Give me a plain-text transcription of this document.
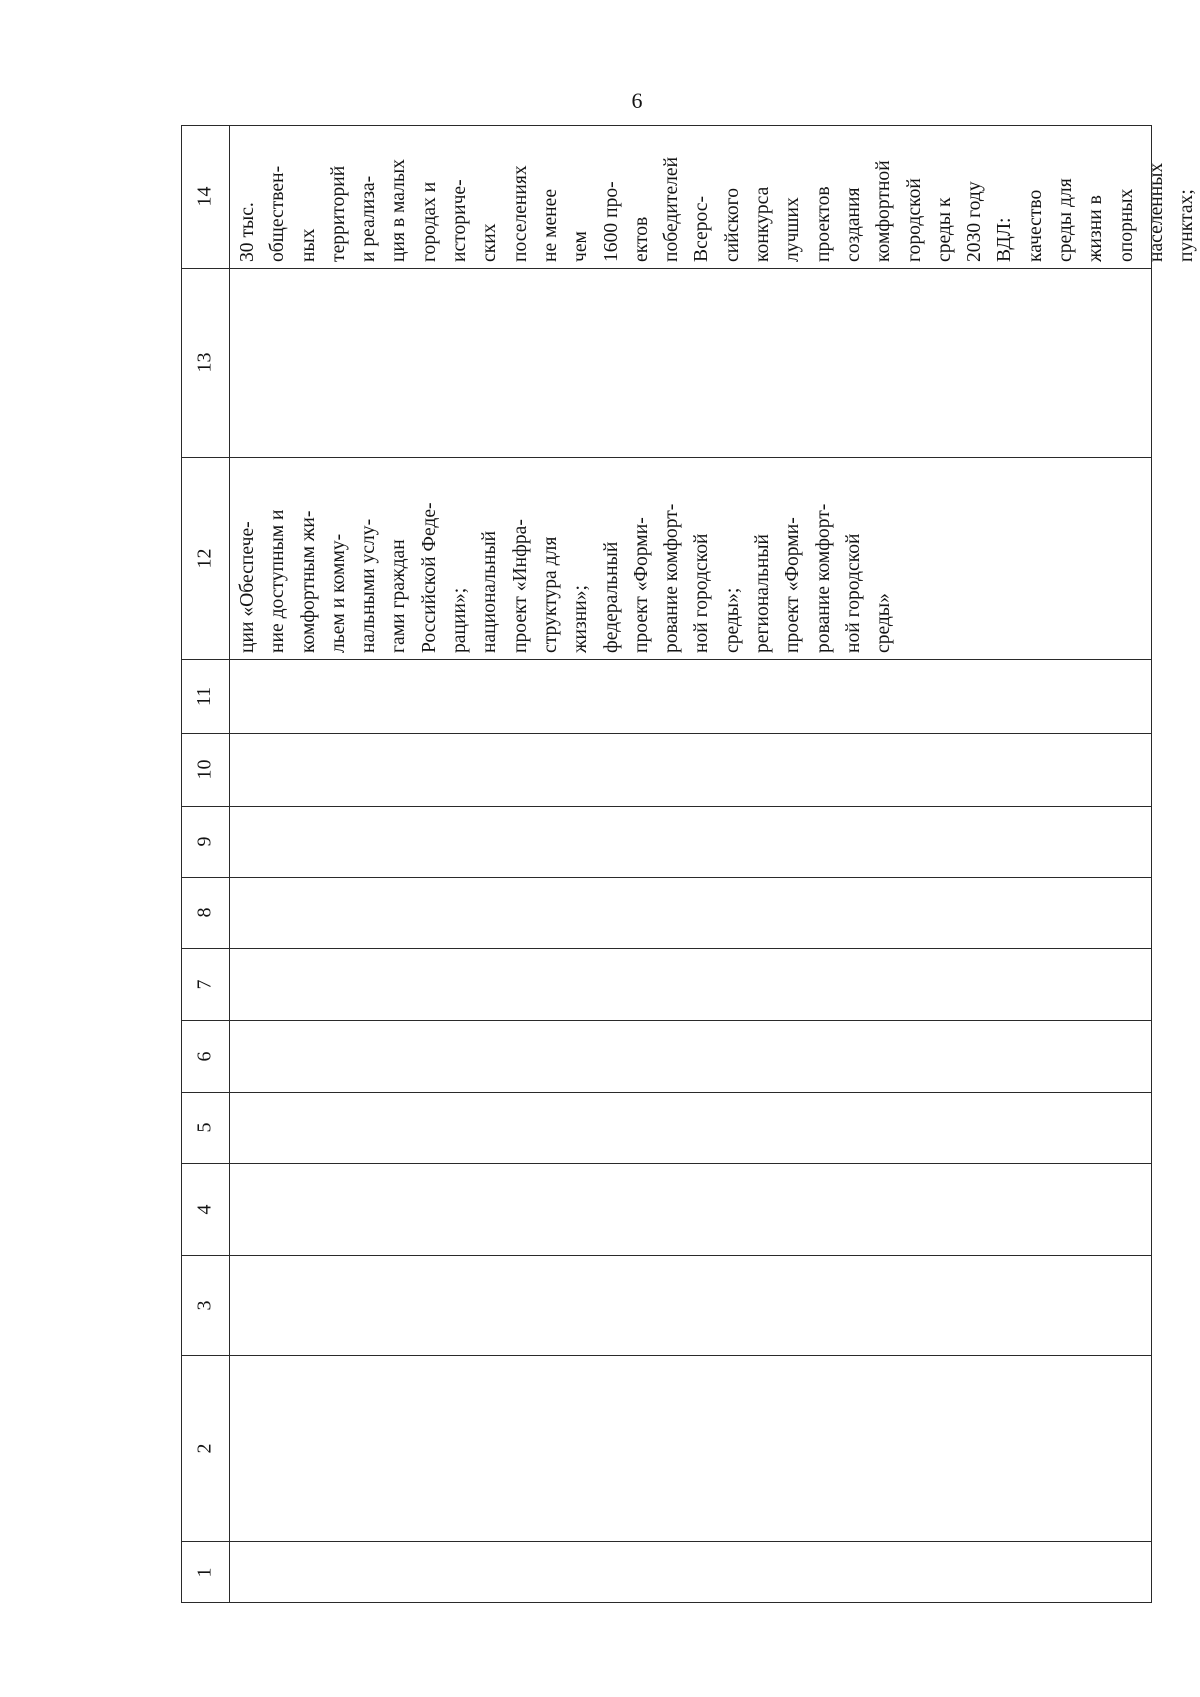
6
14
30 тыс. обществен- ных территорий и реализа- ция в малых городах и историче- ских поселениях не менее чем 1600 про- ектов победителей Всерос- сийского конкурса лучших проектов создания комфортной городской среды к 2030 году ВДЛ: качество среды для жизни в опорных населенных пунктах;
13
12 ции «Обеспече- ние доступным и комфортным жи- льем и комму- нальными услу- гами граждан Российской Феде- рации»; национальный проект «Инфра- структура для жизни»; федеральный проект «Форми- рование комфорт- ной городской среды»; региональный проект «Форми- рование комфорт- ной городской среды»
11
10
9
8
7
6
5
4
3
2
1
